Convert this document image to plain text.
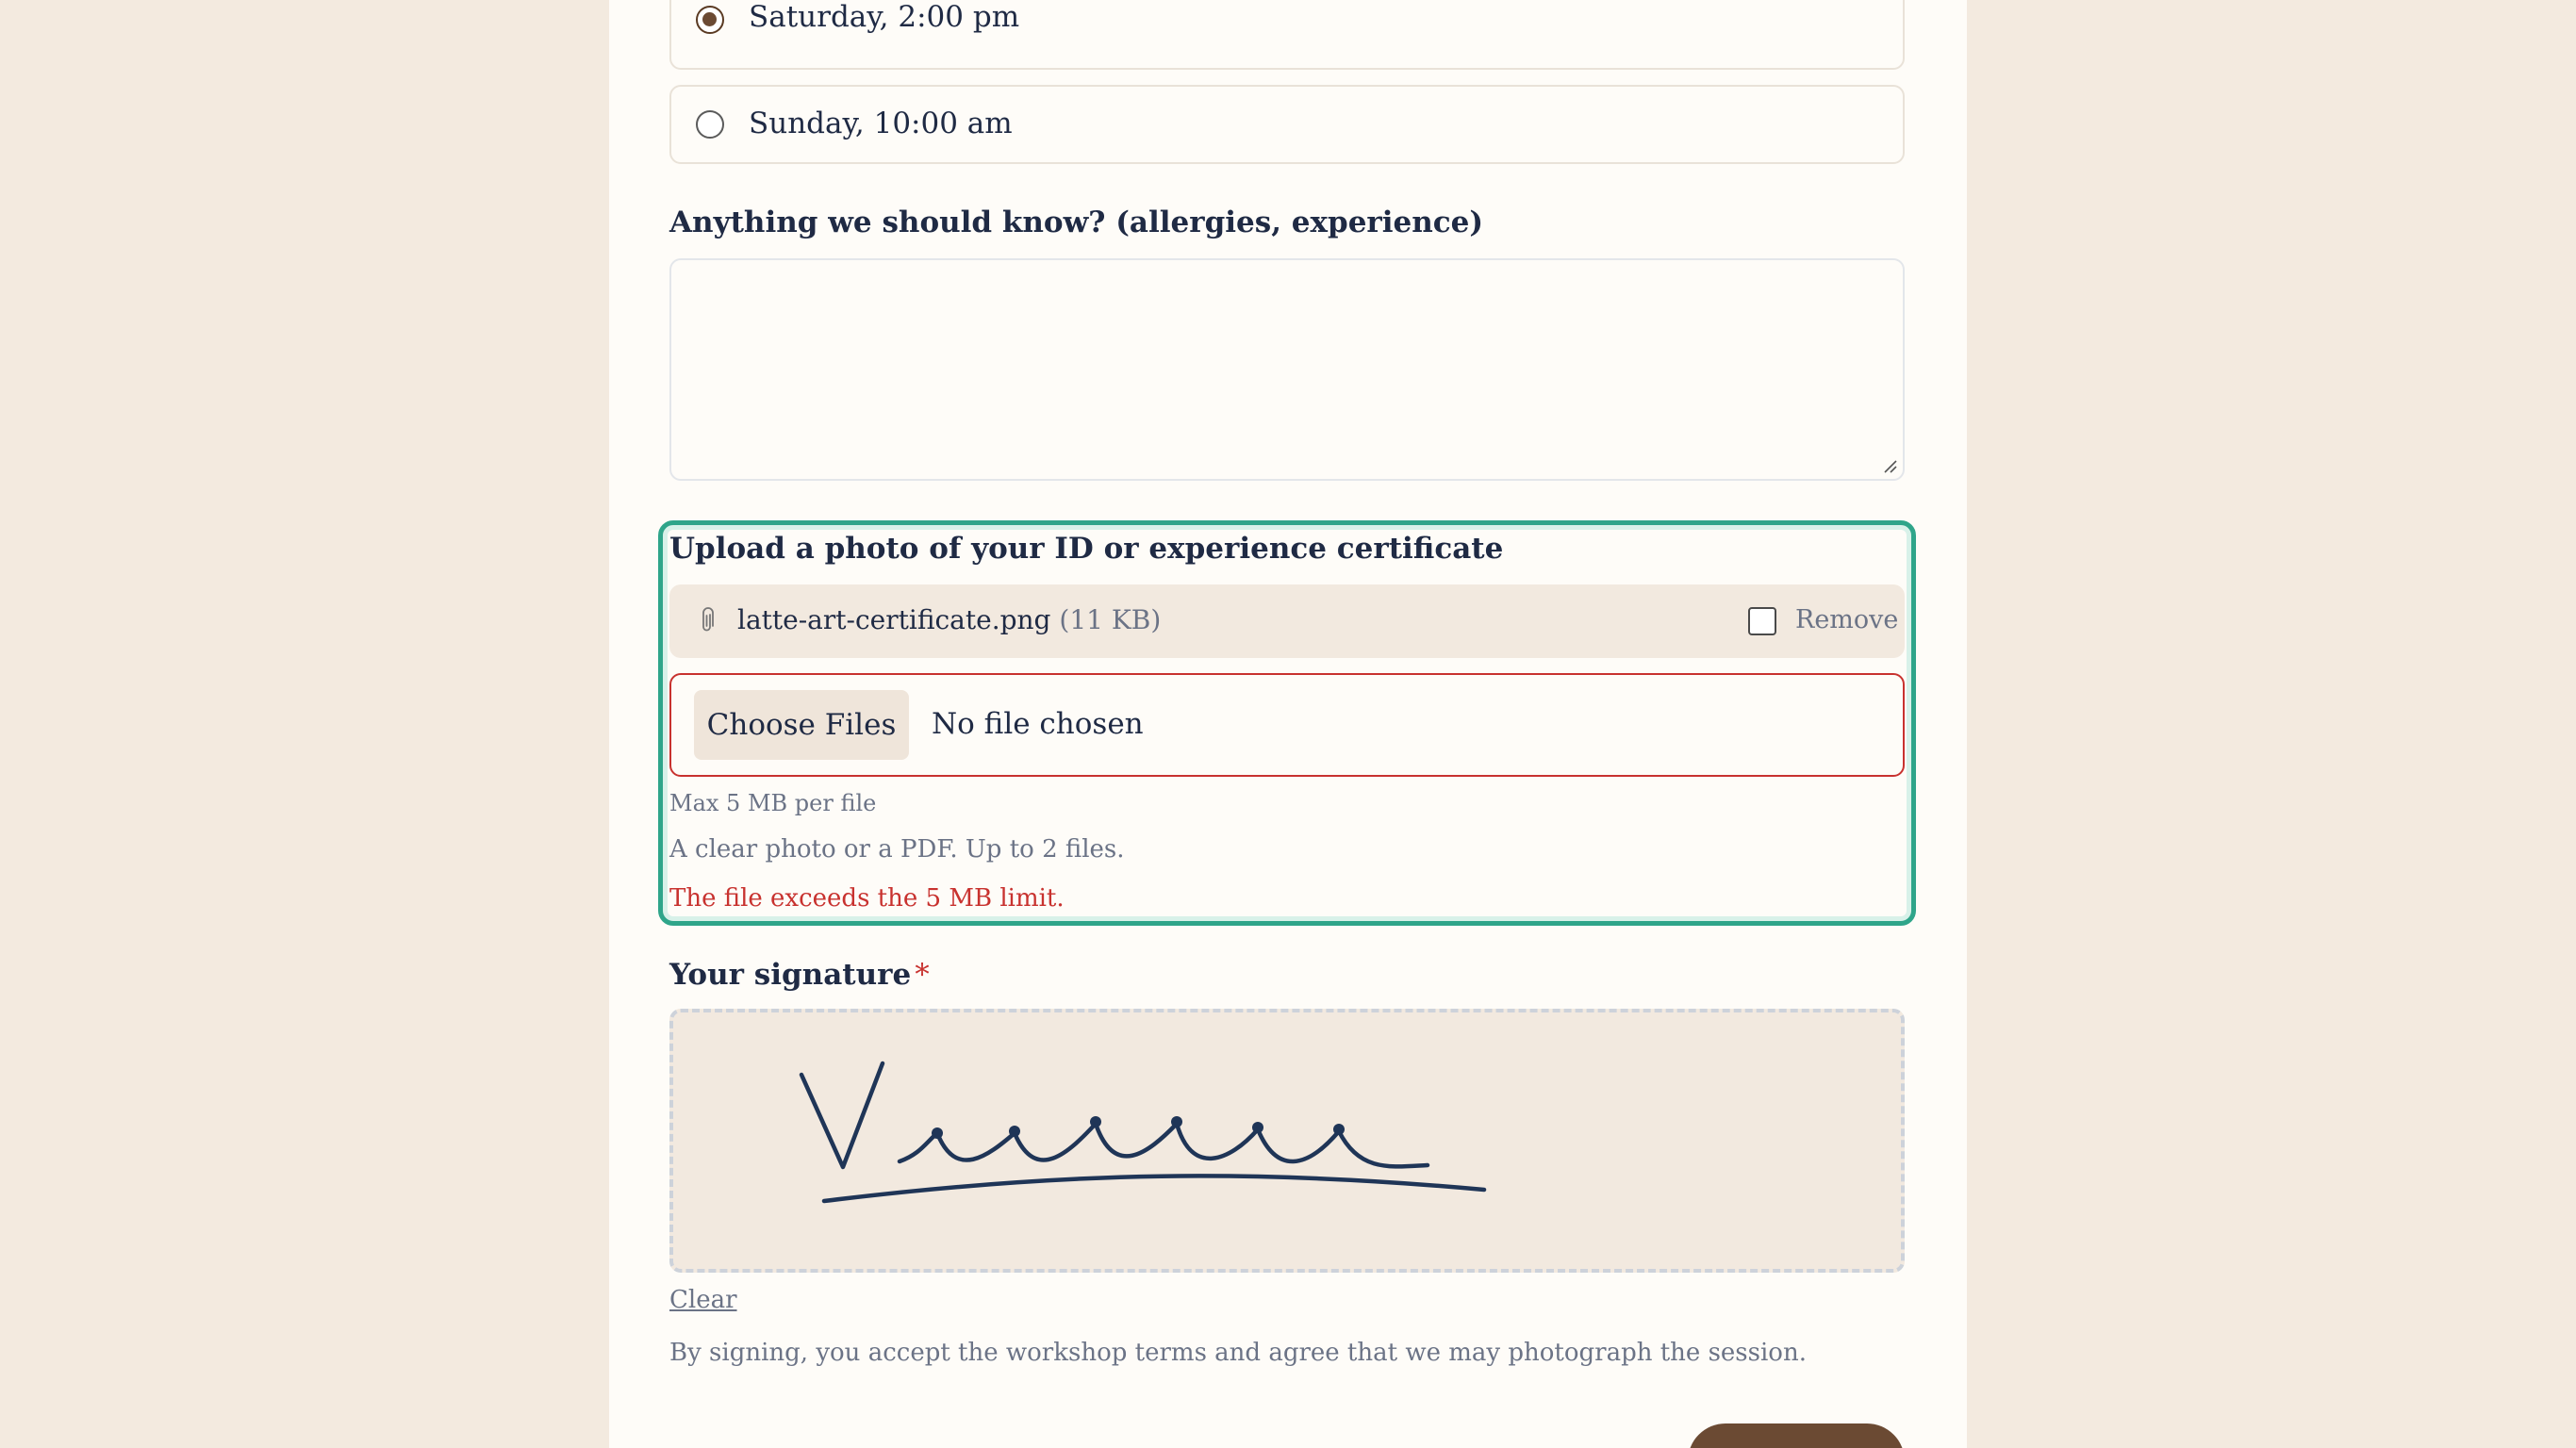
Saturday, 2:00 pm
Sunday, 10:00 am
Anything we should know? (allergies, experience)
Upload a photo of your ID or experience certificate
latte-art-certificate.png (11 KB)	Remove
Choose Files	No file chosen
Max 5 MB per file
A clear photo or a PDF. Up to 2 files.
The file exceeds the 5 MB limit.
Your signature *
Clear
By signing, you accept the workshop terms and agree that we may photograph the session.
